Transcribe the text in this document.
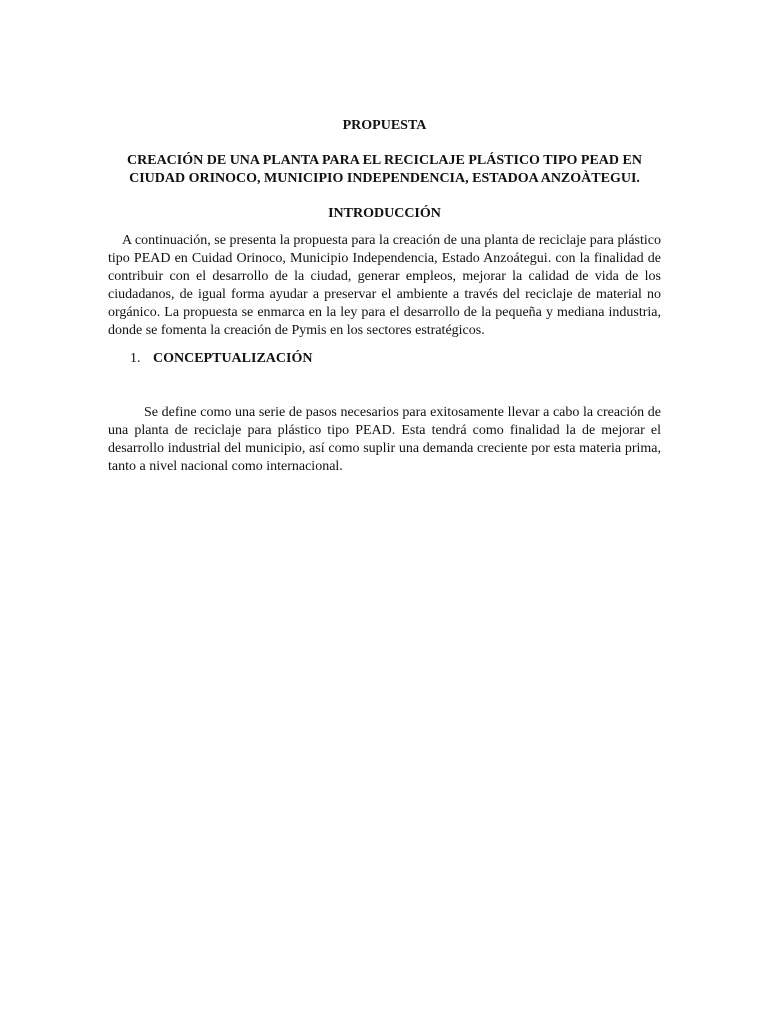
PROPUESTA

CREACIÓN DE UNA PLANTA PARA EL RECICLAJE PLÁSTICO TIPO PEAD EN CIUDAD ORINOCO, MUNICIPIO INDEPENDENCIA, ESTADOA ANZOÀTEGUI.

INTRODUCCIÓN

A continuación, se presenta la propuesta para la creación de una planta de reciclaje para plástico tipo PEAD en Cuidad Orinoco, Municipio Independencia, Estado Anzoátegui. con la finalidad de contribuir con el desarrollo de la ciudad, generar empleos, mejorar la calidad de vida de los ciudadanos, de igual forma ayudar a preservar el ambiente a través del reciclaje de material no orgánico. La propuesta se enmarca en la ley para el desarrollo de la pequeña y mediana industria, donde se fomenta la creación de Pymis en los sectores estratégicos.

1. CONCEPTUALIZACIÓN

Se define como una serie de pasos necesarios para exitosamente llevar a cabo la creación de una planta de reciclaje para plástico tipo PEAD. Esta tendrá como finalidad la de mejorar el desarrollo industrial del municipio, así como suplir una demanda creciente por esta materia prima, tanto a nivel nacional como internacional.
